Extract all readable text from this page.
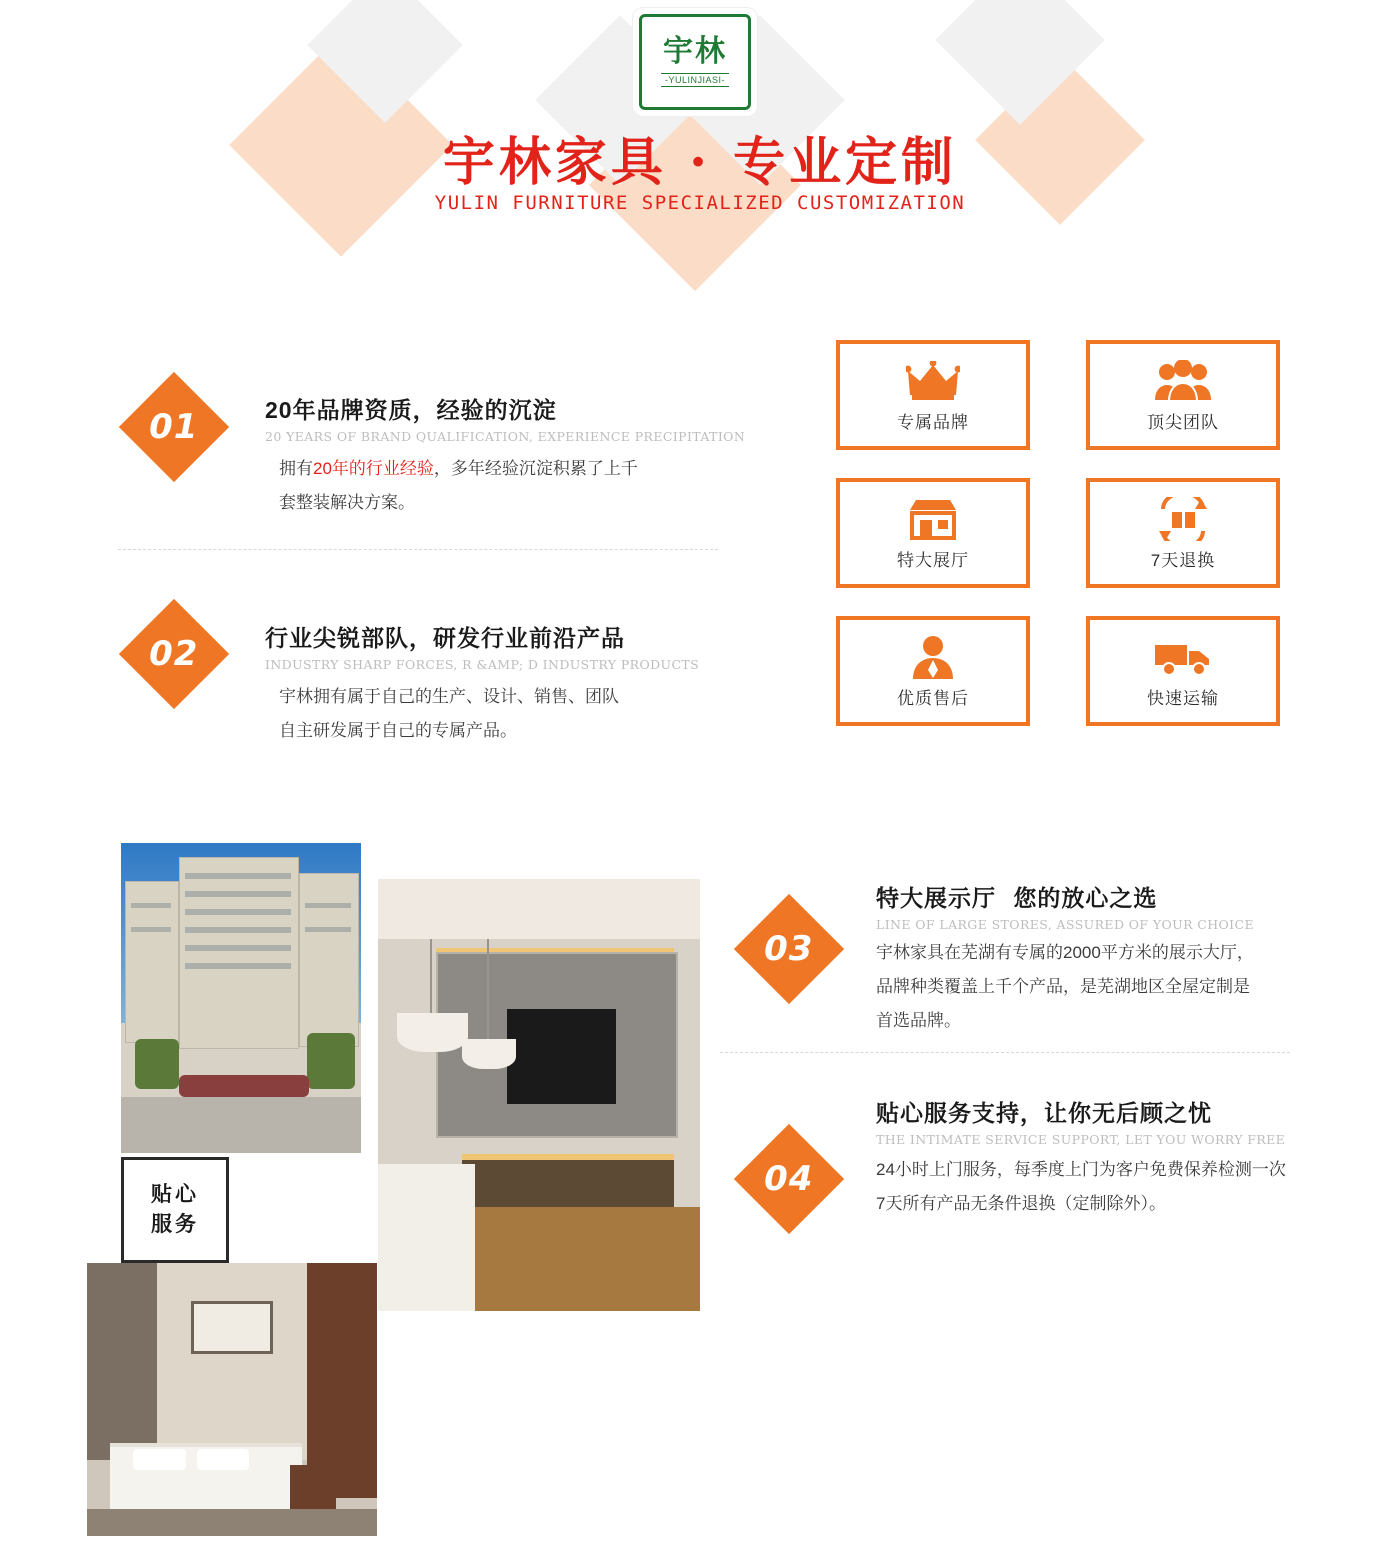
宇林
-YULINJIASI-
宇林家具 · 专业定制
YULIN FURNITURE SPECIALIZED CUSTOMIZATION
01	20年品牌资质，经验的沉淀
20 YEARS OF BRAND QUALIFICATION, EXPERIENCE PRECIPITATION
拥有20年的行业经验，多年经验沉淀积累了上千
套整装解决方案。
02	行业尖锐部队，研发行业前沿产品
INDUSTRY SHARP FORCES, R &AMP; D INDUSTRY PRODUCTS
宇林拥有属于自己的生产、设计、销售、团队
自主研发属于自己的专属产品。
专属品牌	顶尖团队
特大展厅	7天退换
优质售后	快速运输
贴心
服务
03
特大展示厅 您的放心之选
LINE OF LARGE STORES, ASSURED OF YOUR CHOICE
宇林家具在芜湖有专属的2000平方米的展示大厅，
品牌种类覆盖上千个产品，是芜湖地区全屋定制是
首选品牌。
04
贴心服务支持，让你无后顾之忧
THE INTIMATE SERVICE SUPPORT, LET YOU WORRY FREE
24小时上门服务，每季度上门为客户免费保养检测一次
7天所有产品无条件退换（定制除外）。
